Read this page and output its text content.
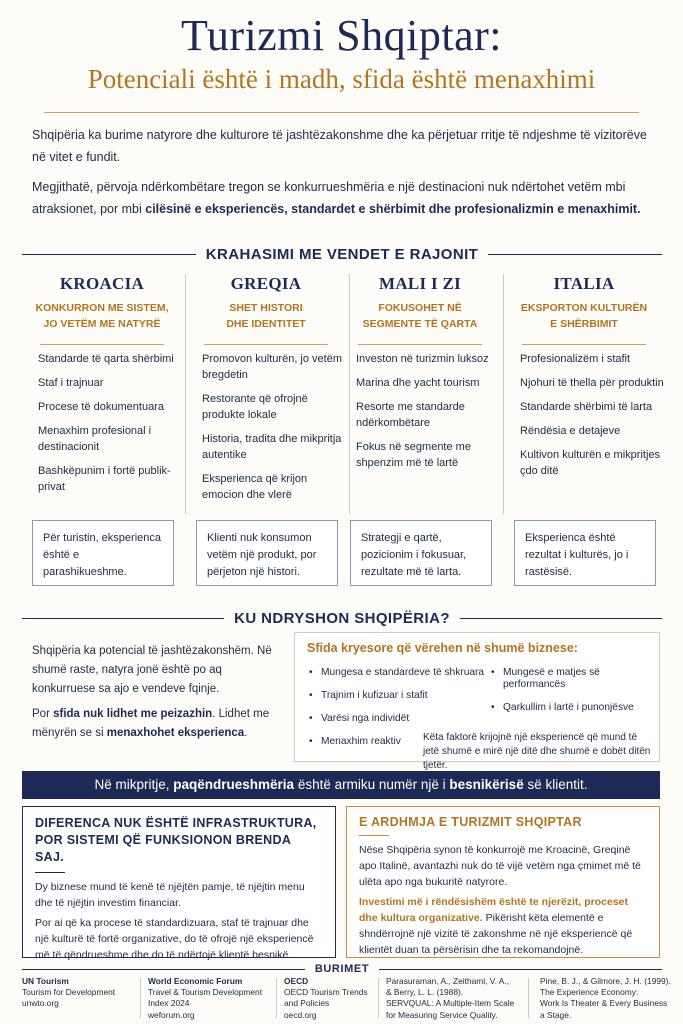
Turizmi Shqiptar:
Potenciali është i madh, sfida është menaxhimi

Shqipëria ka burime natyrore dhe kulturore të jashtëzakonshme dhe ka përjetuar rritje të ndjeshme të vizitorëve në vitet e fundit.

Megjithatë, përvoja ndërkombëtare tregon se konkurrueshmëria e një destinacioni nuk ndërtohet vetëm mbi atraksionet, por mbi cilësinë e eksperiencës, standardet e shërbimit dhe profesionalizmin e menaxhimit.

KRAHASIMI ME VENDET E RAJONIT
KROACIA
KONKURRON ME SISTEM,
JO VETËM ME NATYRË
Standarde të qarta shërbimi
Staf i trajnuar
Procese të dokumentuara
Menaxhim profesional i destinacionit
Bashkëpunim i fortë publik-privat
Për turistin, eksperienca është e parashikueshme.
GREQIA
SHET HISTORI
DHE IDENTITET
Promovon kulturën, jo vetëm bregdetin
Restorante që ofrojnë produkte lokale
Historia, tradita dhe mikpritja autentike
Eksperienca që krijon emocion dhe vlerë
Klienti nuk konsumon vetëm një produkt, por përjeton një histori.
MALI I ZI
FOKUSOHET NË
SEGMENTE TË QARTA
Investon në turizmin luksoz
Marina dhe yacht tourism
Resorte me standarde ndërkombëtare
Fokus në segmente me shpenzim më të lartë
Strategji e qartë, pozicionim i fokusuar, rezultate më të larta.
ITALIA
EKSPORTON KULTURËN
E SHËRBIMIT
Profesionalizëm i stafit
Njohuri të thella për produktin
Standarde shërbimi të larta
Rëndësia e detajeve
Kultivon kulturën e mikpritjes çdo ditë
Eksperienca është rezultat i kulturës, jo i rastësisë.
KU NDRYSHON SHQIPËRIA?

Shqipëria ka potencial të jashtëzakonshëm. Në shumë raste, natyra jonë është po aq konkurruese sa ajo e vendeve fqinje.

Por sfida nuk lidhet me peizazhin. Lidhet me mënyrën se si menaxhohet eksperienca.

Sfida kryesore që vërehen në shumë biznese:
• Mungesa e standardeve të shkruara
• Trajnim i kufizuar i stafit
• Varësi nga individët
• Menaxhim reaktiv
• Mungesë e matjes së performancës
• Qarkullim i lartë i punonjësve
Këta faktorë krijojnë një eksperiencë që mund të jetë shumë e mirë një ditë dhe shumë e dobët ditën tjetër.
Në mikpritje, paqëndrueshmëria është armiku numër një i besnikërisë së klientit.
DIFERENCA NUK ËSHTË INFRASTRUKTURA, POR SISTEMI QË FUNKSIONON BRENDA SAJ.

Dy biznese mund të kenë të njëjtën pamje, të njëjtin menu dhe të njëjtin investim financiar.

Por ai që ka procese të standardizuara, staf të trajnuar dhe një kulturë të fortë organizative, do të ofrojë një eksperiencë më të qëndrueshme dhe do të ndërtojë klientë besnikë.

E ARDHMJA E TURIZMIT SHQIPTAR

Nëse Shqipëria synon të konkurrojë me Kroacinë, Greqinë apo Italinë, avantazhi nuk do të vijë vetëm nga çmimet më të ulëta apo nga bukuritë natyrore.

Investimi më i rëndësishëm është te njerëzit, proceset dhe kultura organizative. Pikërisht këta elementë e shndërrojnë një vizitë të zakonshme në një eksperiencë që klientët duan ta përsërisin dhe ta rekomandojnë.

BURIMET
UN Tourism
Tourism for Development
unwto.org
World Economic Forum
Travel & Tourism Development
Index 2024
weforum.org
OECD
OECD Tourism Trends
and Policies
oecd.org
Parasuraman, A., Zeithaml, V. A.,
& Berry, L. L. (1988).
SERVQUAL: A Multiple-Item Scale
for Measuring Service Quality.
Pine, B. J., & Gilmore, J. H. (1999).
The Experience Economy:
Work Is Theater & Every Business
a Stage.
